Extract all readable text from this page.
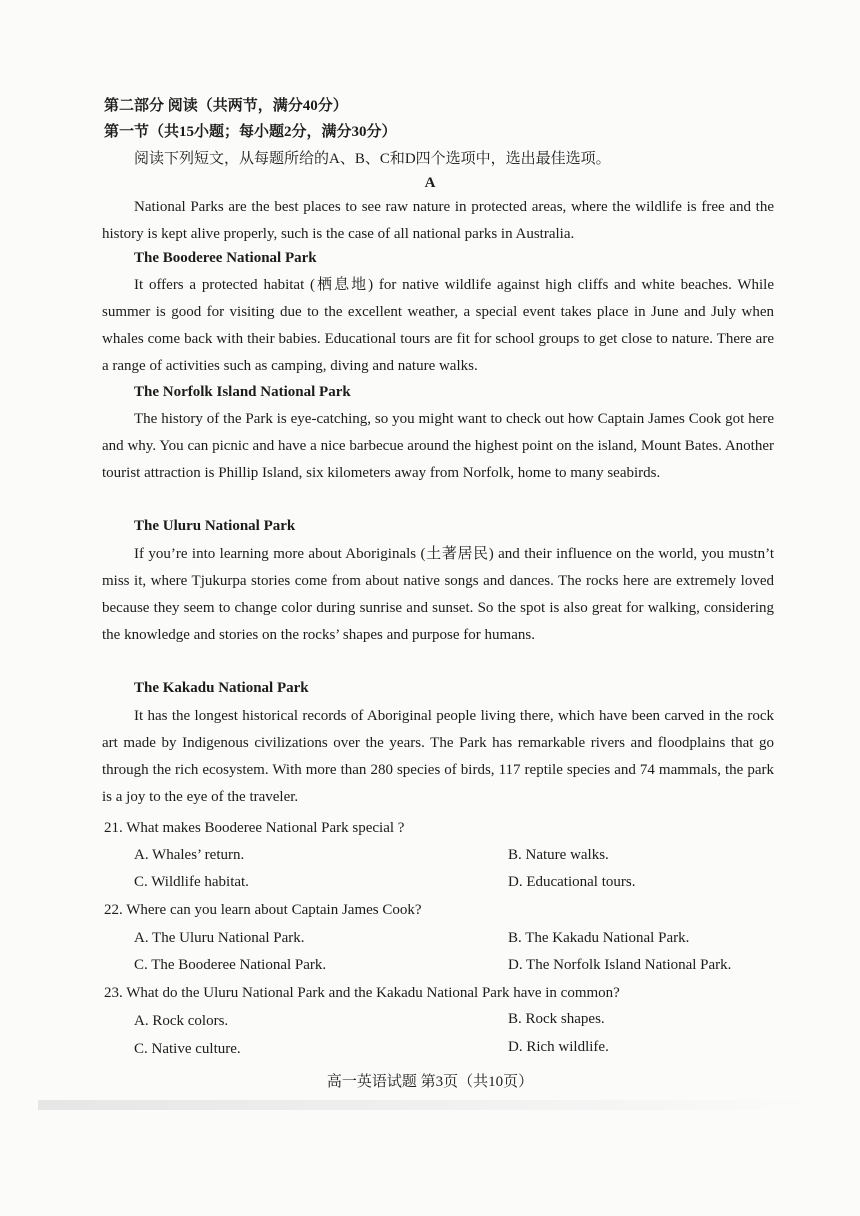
第二部分 阅读（共两节，满分40分）
第一节（共15小题；每小题2分，满分30分）
阅读下列短文，从每题所给的A、B、C和D四个选项中，选出最佳选项。
A

National Parks are the best places to see raw nature in protected areas, where the wildlife is free and the history is kept alive properly, such is the case of all national parks in Australia.

The Booderee National Park

It offers a protected habitat (栖息地) for native wildlife against high cliffs and white beaches. While summer is good for visiting due to the excellent weather, a special event takes place in June and July when whales come back with their babies. Educational tours are fit for school groups to get close to nature. There are a range of activities such as camping, diving and nature walks.

The Norfolk Island National Park

The history of the Park is eye-catching, so you might want to check out how Captain James Cook got here and why. You can picnic and have a nice barbecue around the highest point on the island, Mount Bates. Another tourist attraction is Phillip Island, six kilometers away from Norfolk, home to many seabirds.

The Uluru National Park

If you’re into learning more about Aboriginals (土著居民) and their influence on the world, you mustn’t miss it, where Tjukurpa stories come from about native songs and dances. The rocks here are extremely loved because they seem to change color during sunrise and sunset. So the spot is also great for walking, considering the knowledge and stories on the rocks’ shapes and purpose for humans.

The Kakadu National Park

It has the longest historical records of Aboriginal people living there, which have been carved in the rock art made by Indigenous civilizations over the years. The Park has remarkable rivers and floodplains that go through the rich ecosystem. With more than 280 species of birds, 117 reptile species and 74 mammals, the park is a joy to the eye of the traveler.

21. What makes Booderee National Park special ?
A. Whales’ return.	B. Nature walks.
C. Wildlife habitat.	D. Educational tours.
22. Where can you learn about Captain James Cook?
A. The Uluru National Park.	B. The Kakadu National Park.
C. The Booderee National Park.	D. The Norfolk Island National Park.
23. What do the Uluru National Park and the Kakadu National Park have in common?
A. Rock colors.	B. Rock shapes.
C. Native culture.	D. Rich wildlife.
高一英语试题 第3页（共10页）
